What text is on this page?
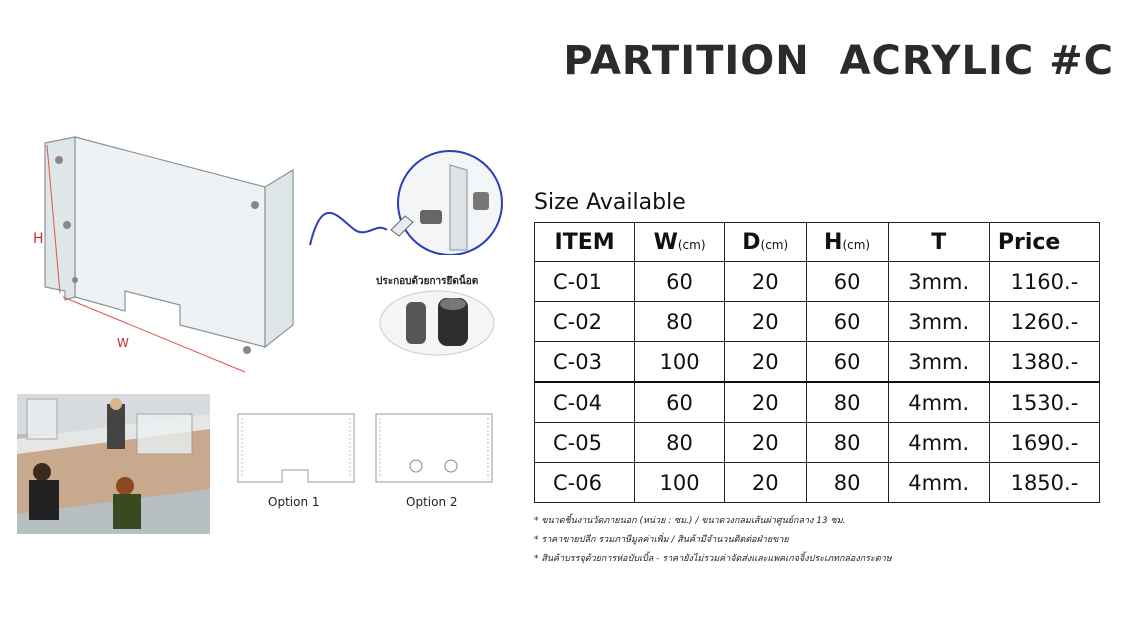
PARTITION  ACRYLIC #C
H
W
ประกอบด้วยการยึดน็อต
Option 1	Option 2
Size Available
ITEM	W(cm)	D(cm)	H(cm)	T	Price
C-01	60	20	60	3mm.	1160.-
C-02	80	20	60	3mm.	1260.-
C-03	100	20	60	3mm.	1380.-
C-04	60	20	80	4mm.	1530.-
C-05	80	20	80	4mm.	1690.-
C-06	100	20	80	4mm.	1850.-
* ขนาดชิ้นงานวัดภายนอก (หน่วย : ซม.) / ขนาดวงกลมเส้นผ่าศูนย์กลาง 13 ซม.
* ราคาขายปลีก รวมภาษีมูลค่าเพิ่ม / สินค้ามีจำนวนติดต่อฝ่ายขาย
* สินค้าบรรจุด้วยการห่อบับเบิ้ล - ราคายังไม่รวมค่าจัดส่งและแพคเกจจิ้งประเภทกล่องกระดาษ
